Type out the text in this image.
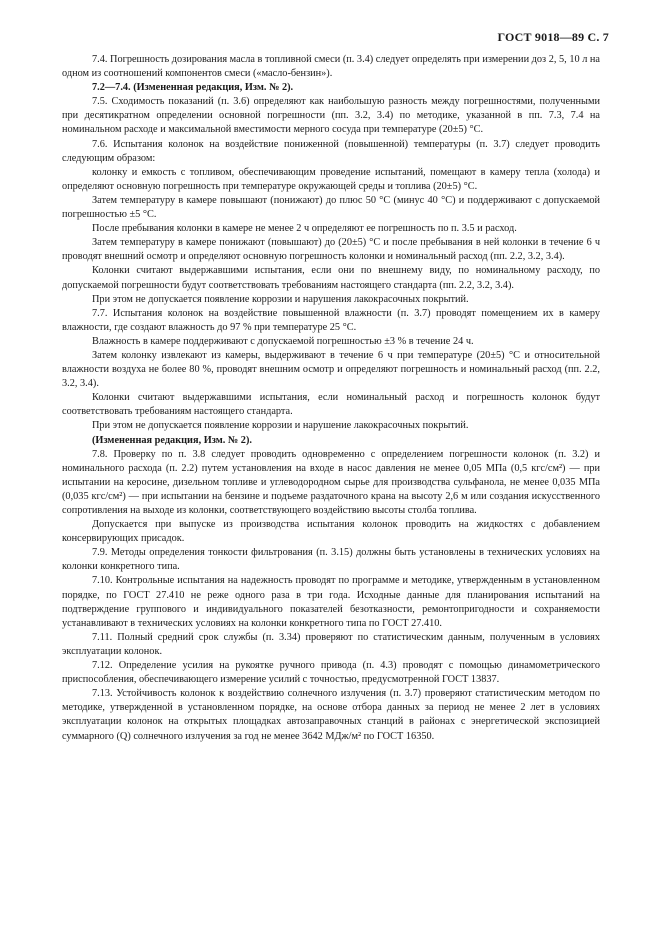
ГОСТ 9018—89 С. 7

7.4. Погрешность дозирования масла в топливной смеси (п. 3.4) следует определять при измерении доз 2, 5, 10 л на одном из соотношений компонентов смеси («масло-бензин»).

7.2—7.4. (Измененная редакция, Изм. № 2).

7.5. Сходимость показаний (п. 3.6) определяют как наибольшую разность между погрешностями, полученными при десятикратном определении основной погрешности (пп. 3.2, 3.4) по методике, указанной в пп. 7.3, 7.4 на номинальном расходе и максимальной вместимости мерного сосуда при температуре (20±5) °С.

7.6. Испытания колонок на воздействие пониженной (повышенной) температуры (п. 3.7) следует проводить следующим образом:

колонку и емкость с топливом, обеспечивающим проведение испытаний, помещают в камеру тепла (холода) и определяют основную погрешность при температуре окружающей среды и топлива (20±5) °С.

Затем температуру в камере повышают (понижают) до плюс 50 °С (минус 40 °С) и поддерживают с допускаемой погрешностью ±5 °С.

После пребывания колонки в камере не менее 2 ч определяют ее погрешность по п. 3.5 и расход.

Затем температуру в камере понижают (повышают) до (20±5) °С и после пребывания в ней колонки в течение 6 ч проводят внешний осмотр и определяют основную погрешность колонки и номинальный расход (пп. 2.2, 3.2, 3.4).

Колонки считают выдержавшими испытания, если они по внешнему виду, по номинальному расходу, по допускаемой погрешности будут соответствовать требованиям настоящего стандарта (пп. 2.2, 3.2, 3.4).

При этом не допускается появление коррозии и нарушения лакокрасочных покрытий.

7.7. Испытания колонок на воздействие повышенной влажности (п. 3.7) проводят помещением их в камеру влажности, где создают влажность до 97 % при температуре 25 °С.

Влажность в камере поддерживают с допускаемой погрешностью ±3 % в течение 24 ч.

Затем колонку извлекают из камеры, выдерживают в течение 6 ч при температуре (20±5) °С и относительной влажности воздуха не более 80 %, проводят внешним осмотр и определяют погрешность и номинальный расход (пп. 2.2, 3.2, 3.4).

Колонки считают выдержавшими испытания, если номинальный расход и погрешность колонок будут соответствовать требованиям настоящего стандарта.

При этом не допускается появление коррозии и нарушение лакокрасочных покрытий.

(Измененная редакция, Изм. № 2).

7.8. Проверку по п. 3.8 следует проводить одновременно с определением погрешности колонок (п. 3.2) и номинального расхода (п. 2.2) путем установления на входе в насос давления не менее 0,05 МПа (0,5 кгс/см²) — при испытании на керосине, дизельном топливе и углеводородном сырье для производства сульфанола, не менее 0,035 МПа (0,035 кгс/см²) — при испытании на бензине и подъеме раздаточного крана на высоту 2,6 м или создания искусственного сопротивления на выходе из колонки, соответствующего воздействию высоты столба топлива.

Допускается при выпуске из производства испытания колонок проводить на жидкостях с добавлением консервирующих присадок.

7.9. Методы определения тонкости фильтрования (п. 3.15) должны быть установлены в технических условиях на колонки конкретного типа.

7.10. Контрольные испытания на надежность проводят по программе и методике, утвержденным в установленном порядке, по ГОСТ 27.410 не реже одного раза в три года. Исходные данные для планирования испытаний на подтверждение группового и индивидуального показателей безотказности, ремонтопригодности и сохраняемости устанавливают в технических условиях на колонки конкретного типа по ГОСТ 27.410.

7.11. Полный средний срок службы (п. 3.34) проверяют по статистическим данным, полученным в условиях эксплуатации колонок.

7.12. Определение усилия на рукоятке ручного привода (п. 4.3) проводят с помощью динамометрического приспособления, обеспечивающего измерение усилий с точностью, предусмотренной ГОСТ 13837.

7.13. Устойчивость колонок к воздействию солнечного излучения (п. 3.7) проверяют статистическим методом по методике, утвержденной в установленном порядке, на основе отбора данных за период не менее 2 лет в условиях эксплуатации колонок на открытых площадках автозаправочных станций в районах с энергетической экспозицией суммарного (Q) солнечного излучения за год не менее 3642 МДж/м² по ГОСТ 16350.
